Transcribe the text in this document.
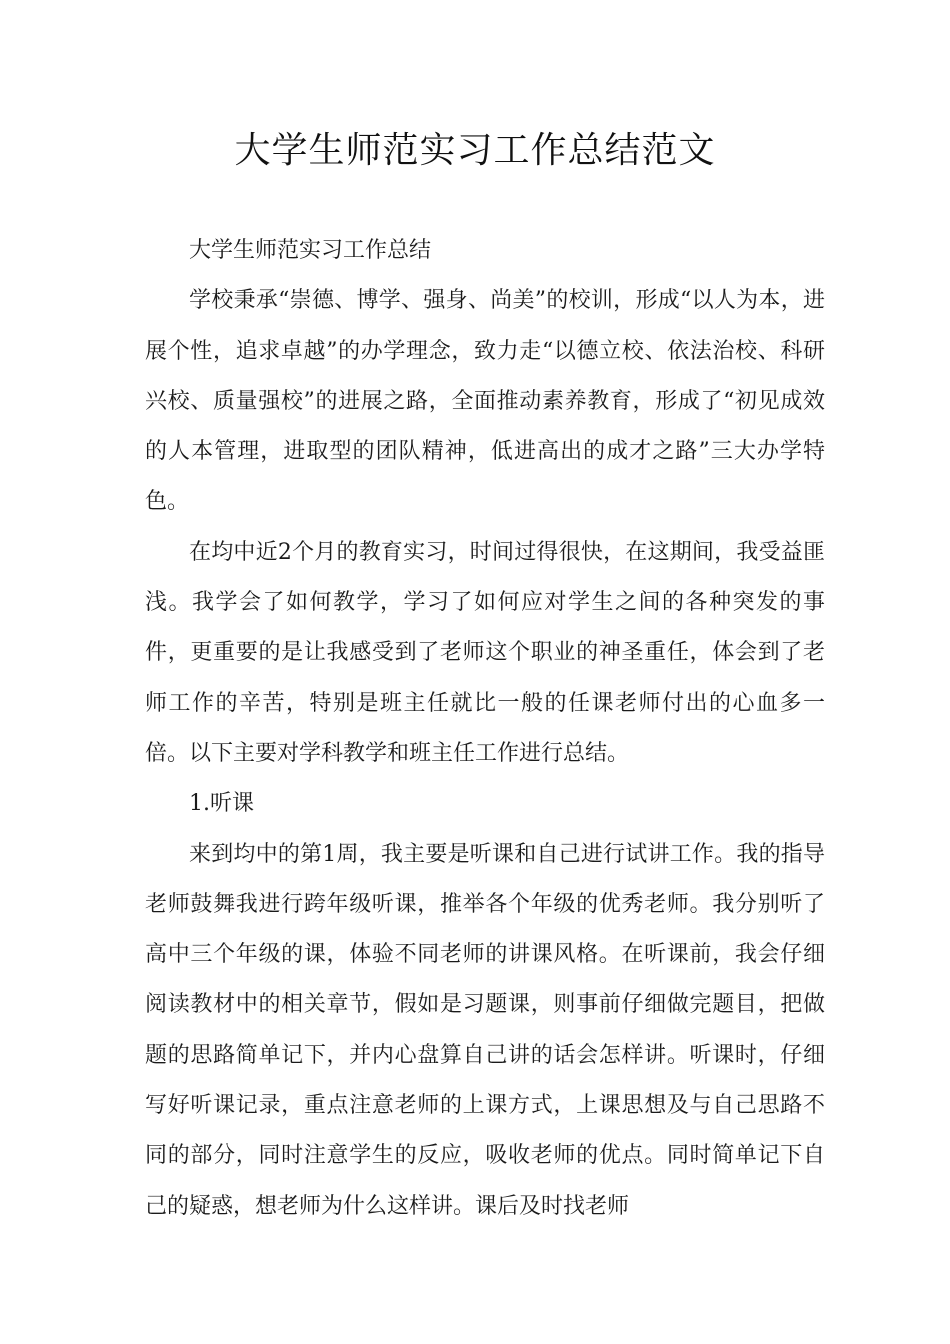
大学生师范实习工作总结范文

大学生师范实习工作总结

学校秉承“崇德、博学、强身、尚美”的校训，形成“以人为本，进展个性，追求卓越”的办学理念，致力走“以德立校、依法治校、科研兴校、质量强校”的进展之路，全面推动素养教育，形成了“初见成效的人本管理，进取型的团队精神，低进高出的成才之路”三大办学特色。

在均中近2个月的教育实习，时间过得很快，在这期间，我受益匪浅。我学会了如何教学，学习了如何应对学生之间的各种突发的事件，更重要的是让我感受到了老师这个职业的神圣重任，体会到了老师工作的辛苦，特别是班主任就比一般的任课老师付出的心血多一倍。以下主要对学科教学和班主任工作进行总结。

1.听课

来到均中的第1周，我主要是听课和自己进行试讲工作。我的指导老师鼓舞我进行跨年级听课，推举各个年级的优秀老师。我分别听了高中三个年级的课，体验不同老师的讲课风格。在听课前，我会仔细阅读教材中的相关章节，假如是习题课，则事前仔细做完题目，把做题的思路简单记下，并内心盘算自己讲的话会怎样讲。听课时，仔细写好听课记录，重点注意老师的上课方式，上课思想及与自己思路不同的部分，同时注意学生的反应，吸收老师的优点。同时简单记下自己的疑惑，想老师为什么这样讲。课后及时找老师
